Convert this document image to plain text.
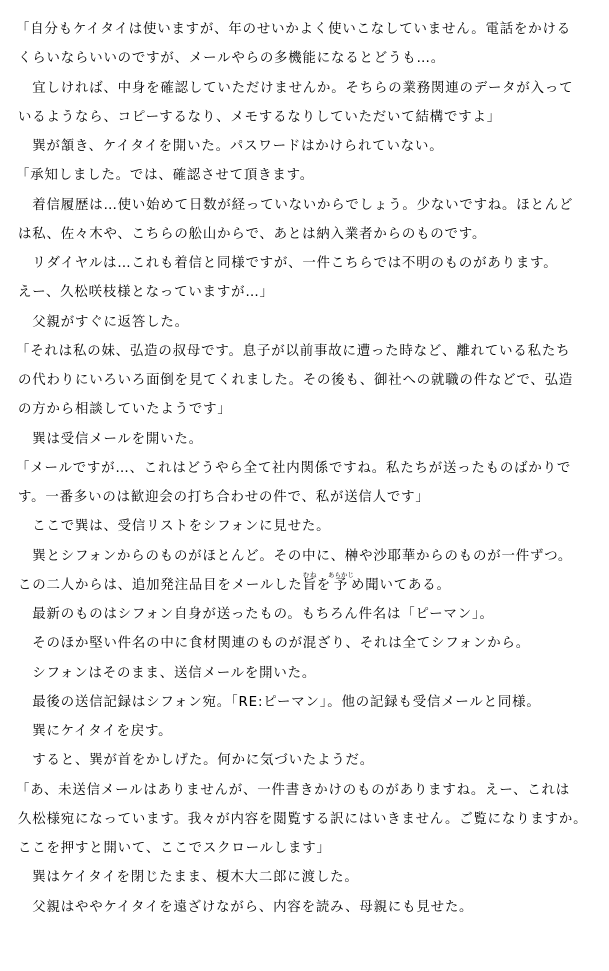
「自分もケイタイは使いますが、年のせいかよく使いこなしていません。電話をかける
くらいならいいのですが、メールやらの多機能になるとどうも…。
　宜しければ、中身を確認していただけませんか。そちらの業務関連のデータが入って
いるようなら、コピーするなり、メモするなりしていただいて結構ですよ」
　巽が頷き、ケイタイを開いた。パスワードはかけられていない。
「承知しました。では、確認させて頂きます。
　着信履歴は…使い始めて日数が経っていないからでしょう。少ないですね。ほとんど
は私、佐々木や、こちらの舩山からで、あとは納入業者からのものです。
　リダイヤルは…これも着信と同様ですが、一件こちらでは不明のものがあります。
えー、久松咲枝様となっていますが…」
　父親がすぐに返答した。
「それは私の妹、弘造の叔母です。息子が以前事故に遭った時など、離れている私たち
の代わりにいろいろ面倒を見てくれました。その後も、御社への就職の件などで、弘造
の方から相談していたようです」
　巽は受信メールを開いた。
「メールですが…、これはどうやら全て社内関係ですね。私たちが送ったものばかりで
す。一番多いのは歓迎会の打ち合わせの件で、私が送信人です」
　ここで巽は、受信リストをシフォンに見せた。
　巽とシフォンからのものがほとんど。その中に、榊や沙耶華からのものが一件ずつ。
この二人からは、追加発注品目をメールした旨むねを予あらかじめ聞いてある。
　最新のものはシフォン自身が送ったもの。もちろん件名は「ピーマン」。
　そのほか堅い件名の中に食材関連のものが混ざり、それは全てシフォンから。
　シフォンはそのまま、送信メールを開いた。
　最後の送信記録はシフォン宛。「RE:ピーマン」。他の記録も受信メールと同様。
　巽にケイタイを戻す。
　すると、巽が首をかしげた。何かに気づいたようだ。
「あ、未送信メールはありませんが、一件書きかけのものがありますね。えー、これは
久松様宛になっています。我々が内容を閲覧する訳にはいきません。ご覧になりますか。
ここを押すと開いて、ここでスクロールします」
　巽はケイタイを閉じたまま、榎木大二郎に渡した。
　父親はややケイタイを遠ざけながら、内容を読み、母親にも見せた。
